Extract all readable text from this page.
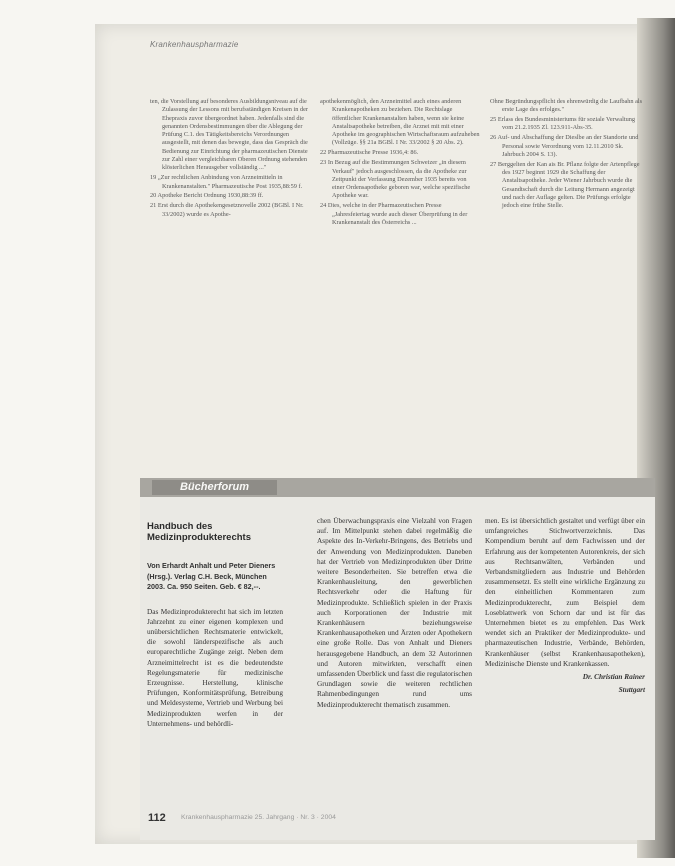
Krankenhauspharmazie

ten, die Vorstellung auf besonderes Ausbildungsniveau auf die Zulassung der Lessons mit berufsständigen Kreisen in der Ehepraxis zuvor übergeordnet haben. Jedenfalls sind die genannten Ordensbestimmungen über die Ablegung der Prüfung C.1. des Tätigkeitsbereichs Verordnungen ausgestellt, mit denen das bewegte, dass das Gespräch die Bedienung zur Einrichtung der pharmazeutischen Dienste zur Zahl einer vergleichbaren Oberen Ordnung stehenden klösterlichen Herausgeber vollständig ..."

19 „Zur rechtlichen Anbindung von Arzneimitteln in Krankenanstalten." Pharmazeutische Post 1935,88:59 f.

20 Apotheke Bericht Ordnung 1930,88:39 ff.

21 Erst durch die Apothekengesetznovelle 2002 (BGBl. I Nr. 33/2002) wurde es Apothe-

apothekenmöglich, den Arzneimittel auch eines anderen Krankenapotheken zu beziehen. Die Rechtslage öffentlicher Krankenanstalten haben, wenn sie keine Anstaltsapotheke betreiben, die Arznei mit mit einer Apotheke im geographischen Wirtschaftsraum aufzuheben (Vollzüge. §§ 21a BGBl. I Nr. 33/2002 § 20 Abs. 2).

22 Pharmazeutische Presse 1936,4: 86.

23 In Bezug auf die Bestimmungen Schweizer „in diesem Verkauf" jedoch ausgeschlossen, da die Apotheke zur Zeitpunkt der Verfassung Dezember 1935 bereits von einer Ordensapotheke geboren war, welche spezifische Apotheke war.

24 Dies, welche in der Pharmazeutischen Presse „Jahresfeiertag wurde auch dieser Überprüfung in der Krankenanstalt des Österreichs ...

Ohne Begründungspflicht des ehrenwürdig die Laufbahn als erste Lage des erfolges."

25 Erlass des Bundesministeriums für soziale Verwaltung vom 21.2.1935 Zl. 123.911-Abs-35.

26 Auf- und Abschaffung der Dieslbe an der Standorte und Personal sowie Verordnung vom 12.11.2010 Sk. Jahrbuch 2004 S. 13).

27 Berggelten der Kan ais Br. Pflanz folgte der Artenpflege des 1927 beginnt 1929 die Schaffung der Anstaltsapotheke. Jeder Wiener Jahrbuch wurde die Gesandtschaft durch die Leitung Hermann angezeigt und nach der Auflage gelten. Die Prüfungs erfolgte jedoch eine frühe Stelle.

Bücherforum
Handbuch des Medizinprodukterechts
Von Erhardt Anhalt und Peter Dieners (Hrsg.). Verlag C.H. Beck, München 2003. Ca. 950 Seiten. Geb. € 82,--.

Das Medizinprodukterecht hat sich im letzten Jahrzehnt zu einer eigenen komplexen und unübersichtlichen Rechtsmaterie entwickelt, die sowohl länderspezifische als auch europarechtliche Zugänge zeigt. Neben dem Arzneimittelrecht ist es die bedeutendste Regelungsmaterie für medizinische Erzeugnisse. Herstellung, klinische Prüfungen, Konformitätsprüfung, Betreibung und Meldesysteme, Vertrieb und Werbung bei Medizinprodukten werfen in der Unternehmens- und behördli-

chen Überwachungspraxis eine Vielzahl von Fragen auf. Im Mittelpunkt stehen dabei regelmäßig die Aspekte des In-Verkehr-Bringens, des Betriebs und der Anwendung von Medizinprodukten. Daneben hat der Vertrieb von Medizinprodukten über Dritte weitere Besonderheiten. Sie betreffen etwa die Krankenhausleitung, den gewerblichen Rechtsverkehr oder die Haftung für Medizinprodukte. Schließlich spielen in der Praxis auch Korporationen der Industrie mit Krankenhäusern beziehungsweise Krankenhausapotheken und Ärzten oder Apothekern eine große Rolle. Das von Anhalt und Dieners herausgegebene Handbuch, an dem 32 Autorinnen und Autoren mitwirkten, verschafft einen umfassenden Überblick und fasst die regulatorischen Grundlagen sowie die weiteren rechtlichen Rahmenbedingungen rund ums Medizinprodukterecht thematisch zusammen.

men. Es ist übersichtlich gestaltet und verfügt über ein umfangreiches Stichwortverzeichnis. Das Kompendium beruht auf dem Fachwissen und der Erfahrung aus der kompetenten Autorenkreis, der sich aus Rechtsanwälten, Verbänden und Verbandsmitgliedern aus Industrie und Behörden zusammensetzt. Es stellt eine wirkliche Ergänzung zu den einheitlichen Kommentaren zum Medizinprodukterecht, zum Beispiel dem Loseblattwerk von Schorn dar und ist für das Unternehmen bietet es zu empfehlen. Das Werk wendet sich an Praktiker der Medizinprodukte- und pharmazeutischen Industrie, Verbände, Behörden, Krankenhäuser (selbst Krankenhausapotheken), Medizinische Dienste und Krankenkassen.

Dr. Christian Rainer
Stuttgart
112 Krankenhauspharmazie 25. Jahrgang · Nr. 3 · 2004
